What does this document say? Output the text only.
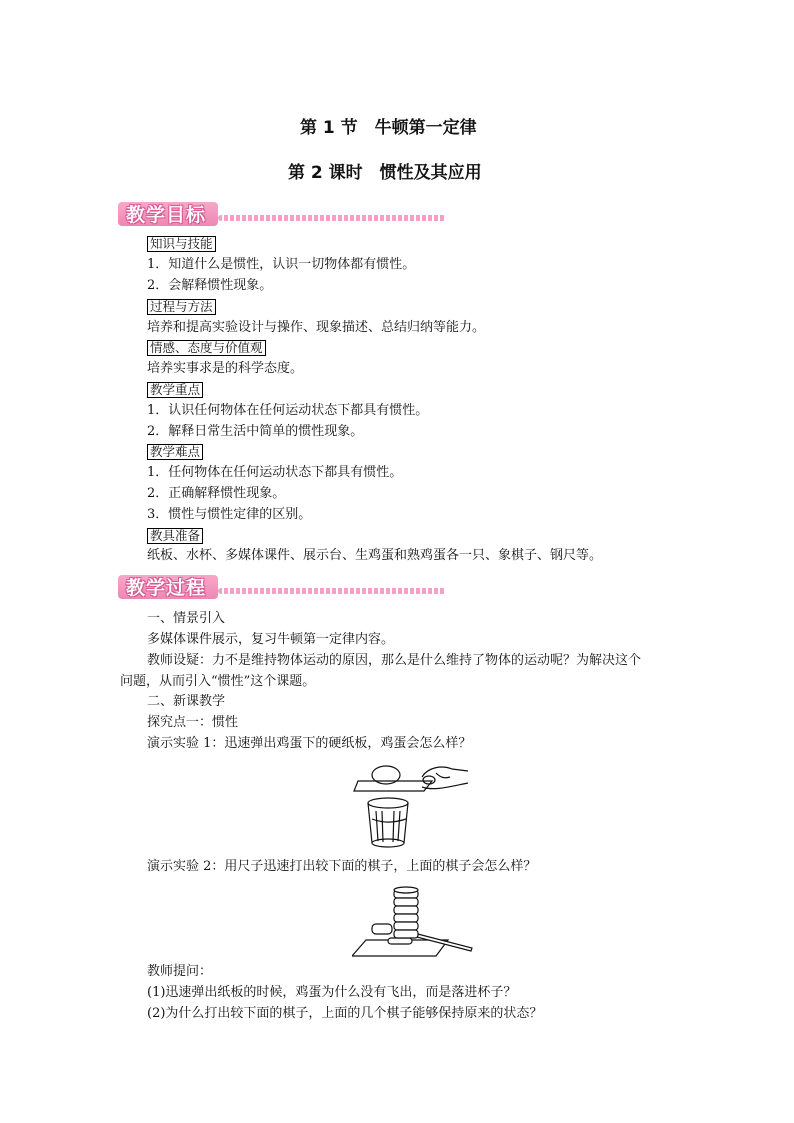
第 1 节　牛顿第一定律
第 2 课时　惯性及其应用
教学目标
知识与技能
1．知道什么是惯性，认识一切物体都有惯性。
2．会解释惯性现象。
过程与方法
培养和提高实验设计与操作、现象描述、总结归纳等能力。
情感、态度与价值观
培养实事求是的科学态度。
教学重点
1．认识任何物体在任何运动状态下都具有惯性。
2．解释日常生活中简单的惯性现象。
教学难点
1．任何物体在任何运动状态下都具有惯性。
2．正确解释惯性现象。
3．惯性与惯性定律的区别。
教具准备
纸板、水杯、多媒体课件、展示台、生鸡蛋和熟鸡蛋各一只、象棋子、钢尺等。
教学过程
一、情景引入
多媒体课件展示，复习牛顿第一定律内容。
教师设疑：力不是维持物体运动的原因，那么是什么维持了物体的运动呢？为解决这个
问题，从而引入“惯性”这个课题。
二、新课教学
探究点一：惯性
演示实验 1：迅速弹出鸡蛋下的硬纸板，鸡蛋会怎么样？
演示实验 2：用尺子迅速打出较下面的棋子，上面的棋子会怎么样？
教师提问：
(1)迅速弹出纸板的时候，鸡蛋为什么没有飞出，而是落进杯子？
(2)为什么打出较下面的棋子，上面的几个棋子能够保持原来的状态？
